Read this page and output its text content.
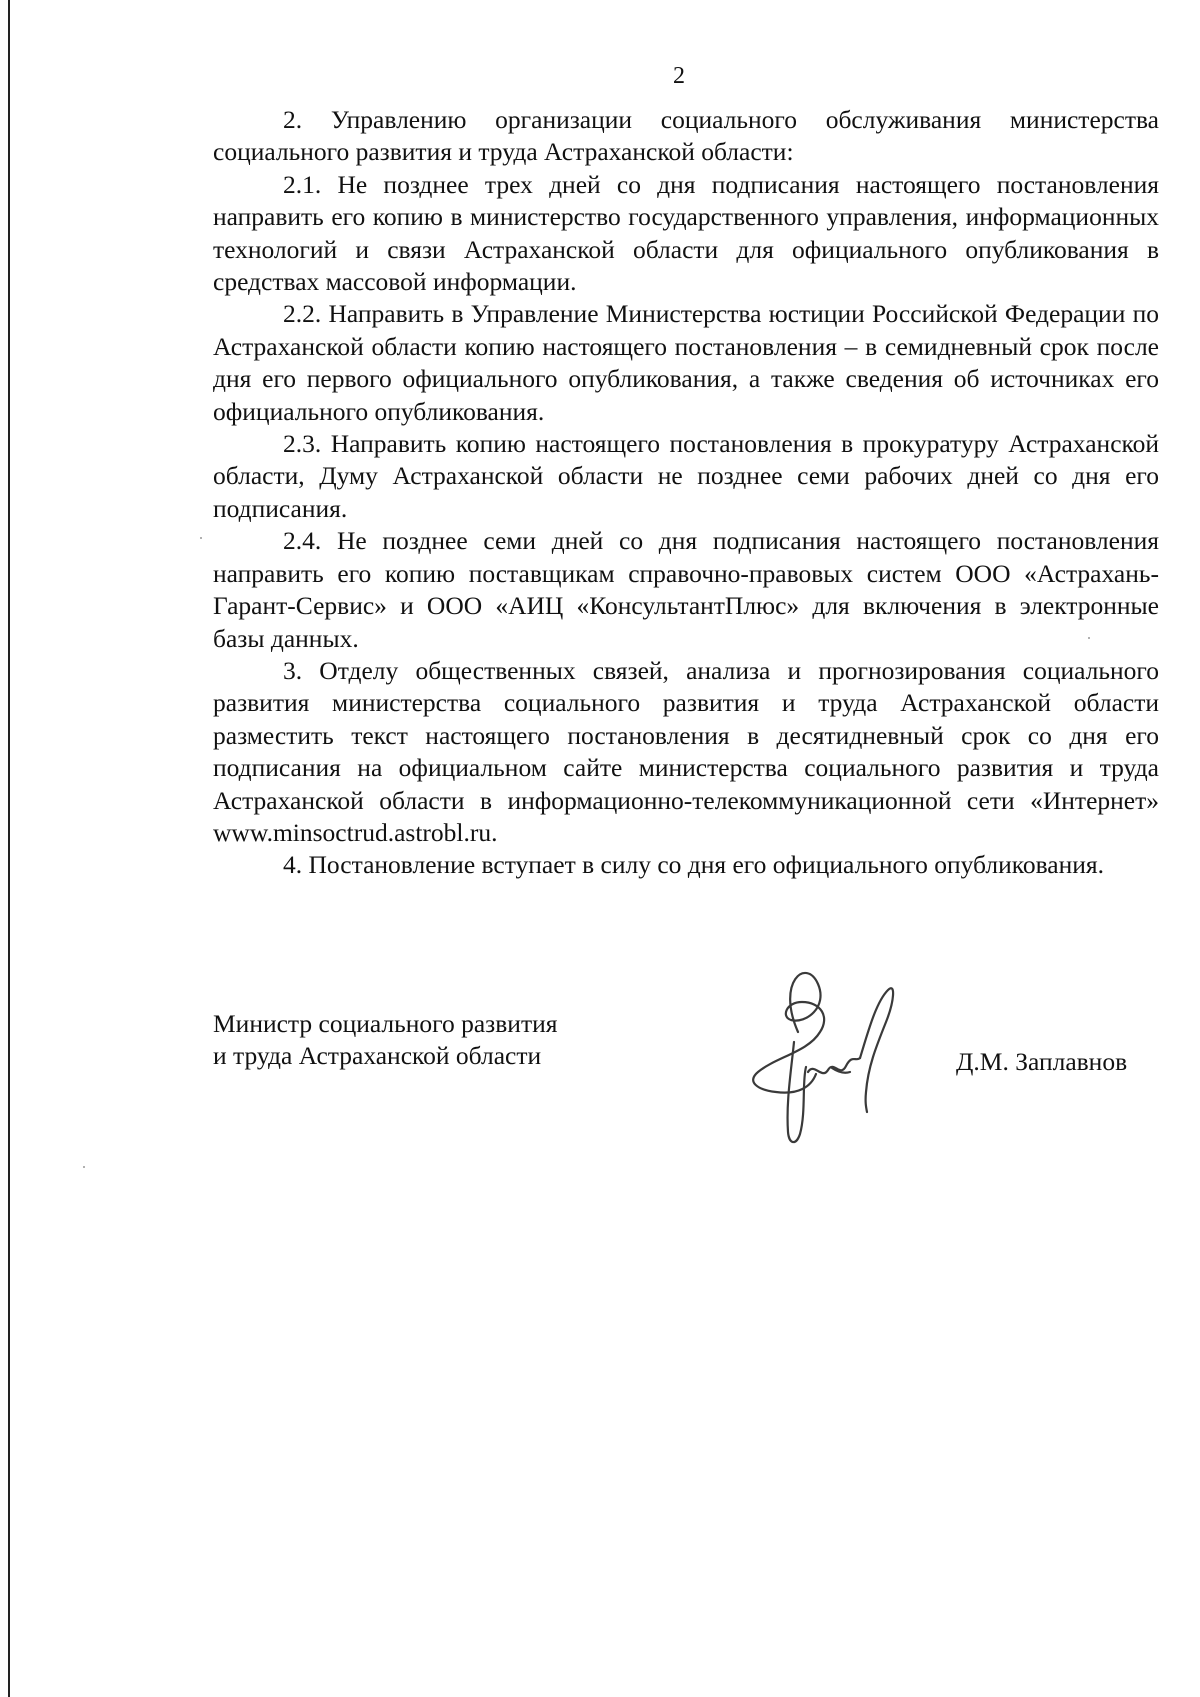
2

2. Управлению организации социального обслуживания министерства социального развития и труда Астраханской области:

2.1. Не позднее трех дней со дня подписания настоящего постановления направить его копию в министерство государственного управления, информационных технологий и связи Астраханской области для официального опубликования в средствах массовой информации.

2.2. Направить в Управление Министерства юстиции Российской Федерации по Астраханской области копию настоящего постановления – в семидневный срок после дня его первого официального опубликования, а также сведения об источниках его официального опубликования.

2.3. Направить копию настоящего постановления в прокуратуру Астраханской области, Думу Астраханской области не позднее семи рабочих дней со дня его подписания.

2.4. Не позднее семи дней со дня подписания настоящего постановления направить его копию поставщикам справочно-правовых систем ООО «Астрахань-Гарант-Сервис» и ООО «АИЦ «КонсультантПлюс» для включения в электронные базы данных.

3. Отделу общественных связей, анализа и прогнозирования социального развития министерства социального развития и труда Астраханской области разместить текст настоящего постановления в десятидневный срок со дня его подписания на официальном сайте министерства социального развития и труда Астраханской области в информационно-телекоммуникационной сети «Интернет» www.minsoctrud.astrobl.ru.

4. Постановление вступает в силу со дня его официального опубликования.

Министр социального развития
и труда Астраханской области	Д.М. Заплавнов
